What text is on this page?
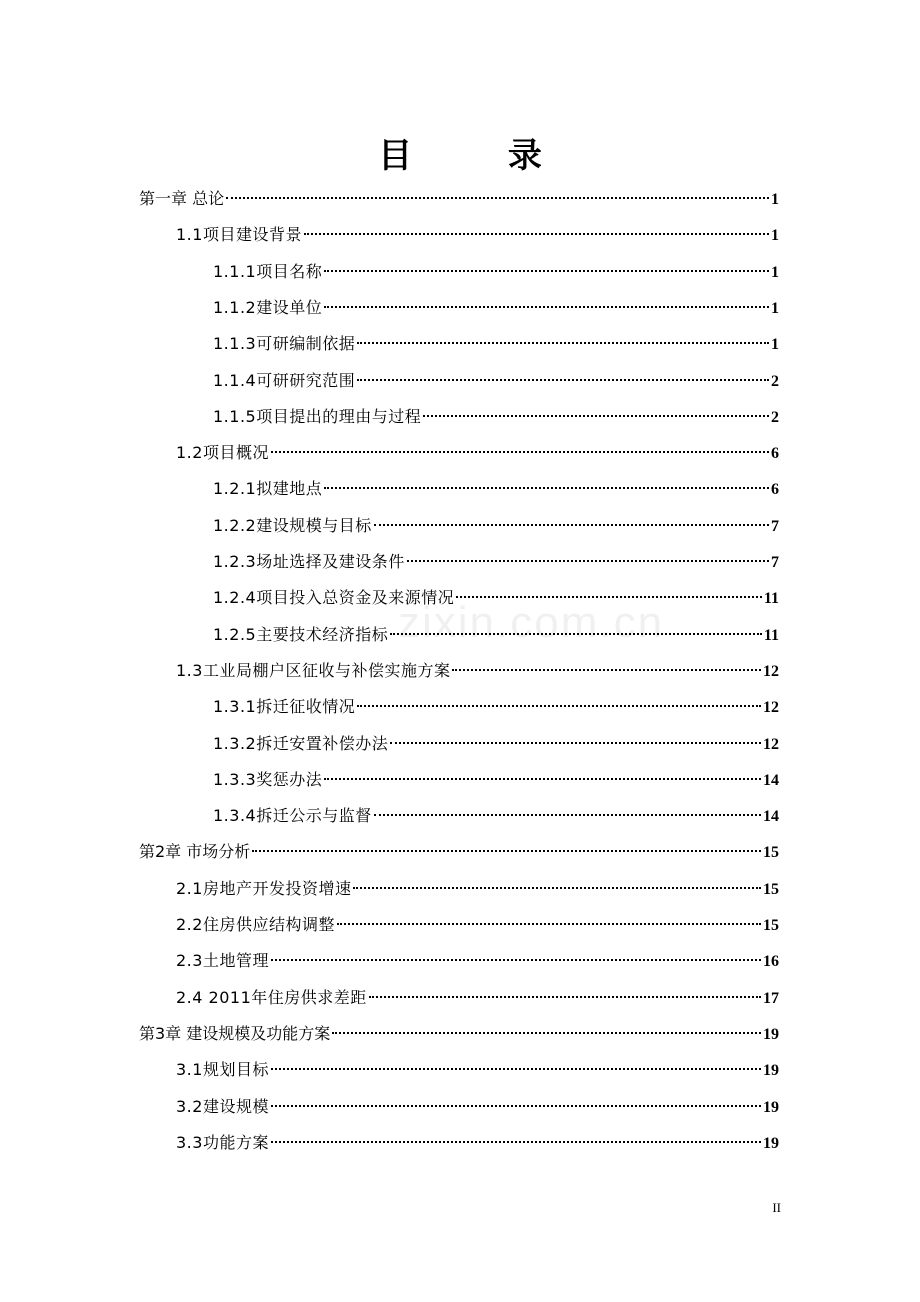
目 录
zixin.com.cn
第一章 总论	1
1.1项目建设背景	1
1.1.1项目名称	1
1.1.2建设单位	1
1.1.3可研编制依据	1
1.1.4可研研究范围	2
1.1.5项目提出的理由与过程	2
1.2项目概况	6
1.2.1拟建地点	6
1.2.2建设规模与目标	7
1.2.3场址选择及建设条件	7
1.2.4项目投入总资金及来源情况	11
1.2.5主要技术经济指标	11
1.3工业局棚户区征收与补偿实施方案	12
1.3.1拆迁征收情况	12
1.3.2拆迁安置补偿办法	12
1.3.3奖惩办法	14
1.3.4拆迁公示与监督	14
第2章 市场分析	15
2.1房地产开发投资增速	15
2.2住房供应结构调整	15
2.3土地管理	16
2.4 2011年住房供求差距	17
第3章 建设规模及功能方案	19
3.1规划目标	19
3.2建设规模	19
3.3功能方案	19
II
